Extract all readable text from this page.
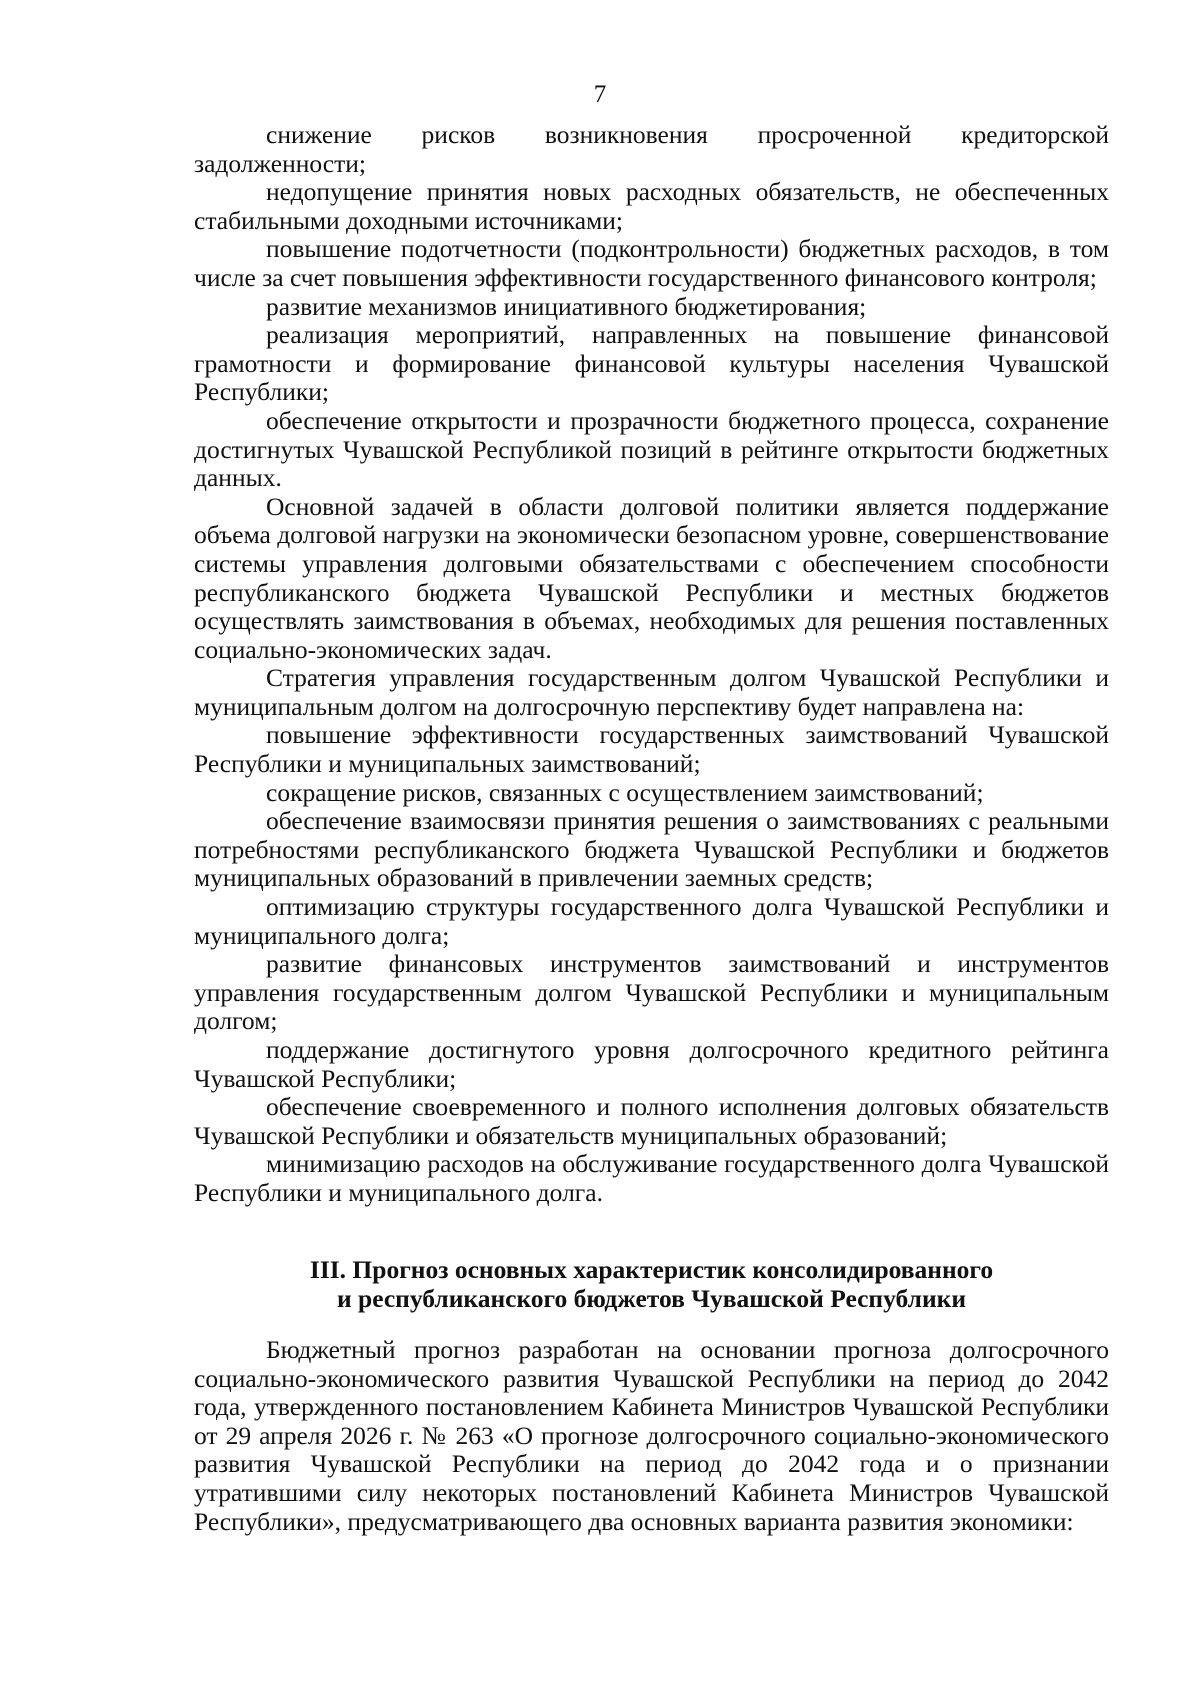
7

снижение рисков возникновения просроченной кредиторской задолженности;

недопущение принятия новых расходных обязательств, не обеспеченных стабильными доходными источниками;

повышение подотчетности (подконтрольности) бюджетных расходов, в том числе за счет повышения эффективности государственного финансового контроля;

развитие механизмов инициативного бюджетирования;

реализация мероприятий, направленных на повышение финансовой грамотности и формирование финансовой культуры населения Чувашской Республики;

обеспечение открытости и прозрачности бюджетного процесса, сохранение достигнутых Чувашской Республикой позиций в рейтинге открытости бюджетных данных.

Основной задачей в области долговой политики является поддержание объема долговой нагрузки на экономически безопасном уровне, совершенствование системы управления долговыми обязательствами с обеспечением способности республиканского бюджета Чувашской Республики и местных бюджетов осуществлять заимствования в объемах, необходимых для решения поставленных социально-экономических задач.

Стратегия управления государственным долгом Чувашской Республики и муниципальным долгом на долгосрочную перспективу будет направлена на:

повышение эффективности государственных заимствований Чувашской Республики и муниципальных заимствований;

сокращение рисков, связанных с осуществлением заимствований;

обеспечение взаимосвязи принятия решения о заимствованиях с реальными потребностями республиканского бюджета Чувашской Республики и бюджетов муниципальных образований в привлечении заемных средств;

оптимизацию структуры государственного долга Чувашской Республики и муниципального долга;

развитие финансовых инструментов заимствований и инструментов управления государственным долгом Чувашской Республики и муниципальным долгом;

поддержание достигнутого уровня долгосрочного кредитного рейтинга Чувашской Республики;

обеспечение своевременного и полного исполнения долговых обязательств Чувашской Республики и обязательств муниципальных образований;

минимизацию расходов на обслуживание государственного долга Чувашской Республики и муниципального долга.

III. Прогноз основных характеристик консолидированного
и республиканского бюджетов Чувашской Республики

Бюджетный прогноз разработан на основании прогноза долгосрочного социально-экономического развития Чувашской Республики на период до 2042 года, утвержденного постановлением Кабинета Министров Чувашской Республики от 29 апреля 2026 г. № 263 «О прогнозе долгосрочного социально-экономического развития Чувашской Республики на период до 2042 года и о признании утратившими силу некоторых постановлений Кабинета Министров Чувашской Республики», предусматривающего два основных варианта развития экономики:
